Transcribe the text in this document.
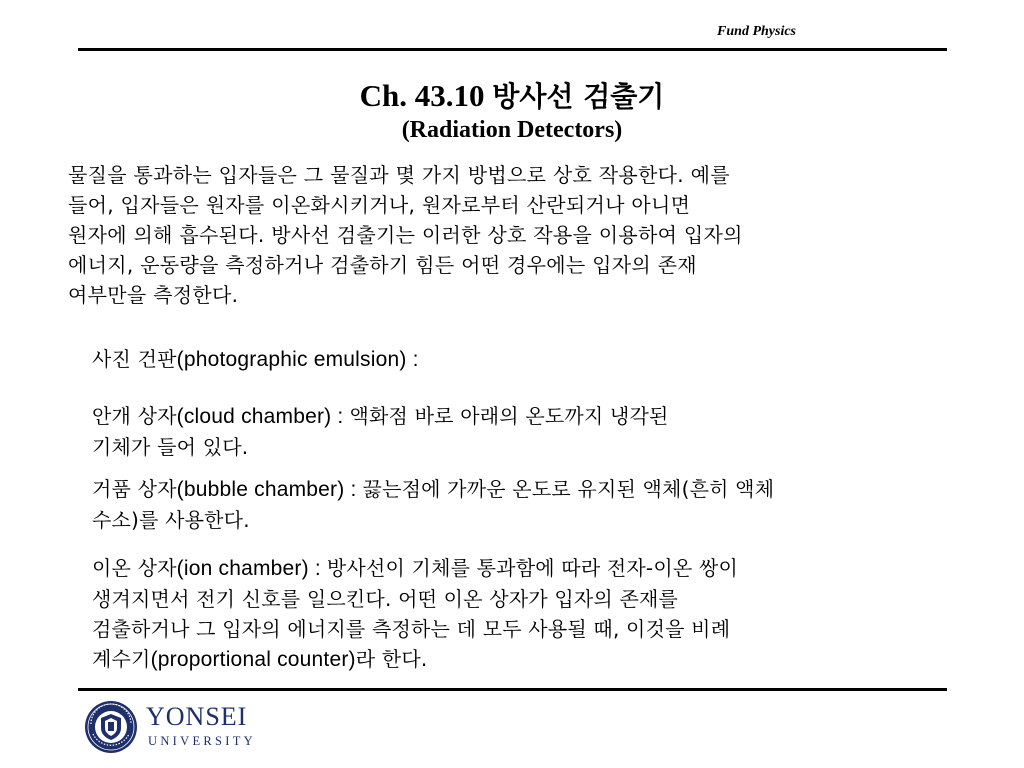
Fund Physics
Ch. 43.10 방사선 검출기
(Radiation Detectors)
물질을 통과하는 입자들은 그 물질과 몇 가지 방법으로 상호 작용한다. 예를
들어, 입자들은 원자를 이온화시키거나, 원자로부터 산란되거나 아니면
원자에 의해 흡수된다. 방사선 검출기는 이러한 상호 작용을 이용하여 입자의
에너지, 운동량을 측정하거나 검출하기 힘든 어떤 경우에는 입자의 존재
여부만을 측정한다.
사진 건판(photographic emulsion) :
안개 상자(cloud chamber) : 액화점 바로 아래의 온도까지 냉각된
기체가 들어 있다.
거품 상자(bubble chamber) : 끓는점에 가까운 온도로 유지된 액체(흔히 액체
수소)를 사용한다.
이온 상자(ion chamber) : 방사선이 기체를 통과함에 따라 전자-이온 쌍이
생겨지면서 전기 신호를 일으킨다. 어떤 이온 상자가 입자의 존재를
검출하거나 그 입자의 에너지를 측정하는 데 모두 사용될 때, 이것을 비례
계수기(proportional counter)라 한다.
YONSEI
UNIVERSITY
